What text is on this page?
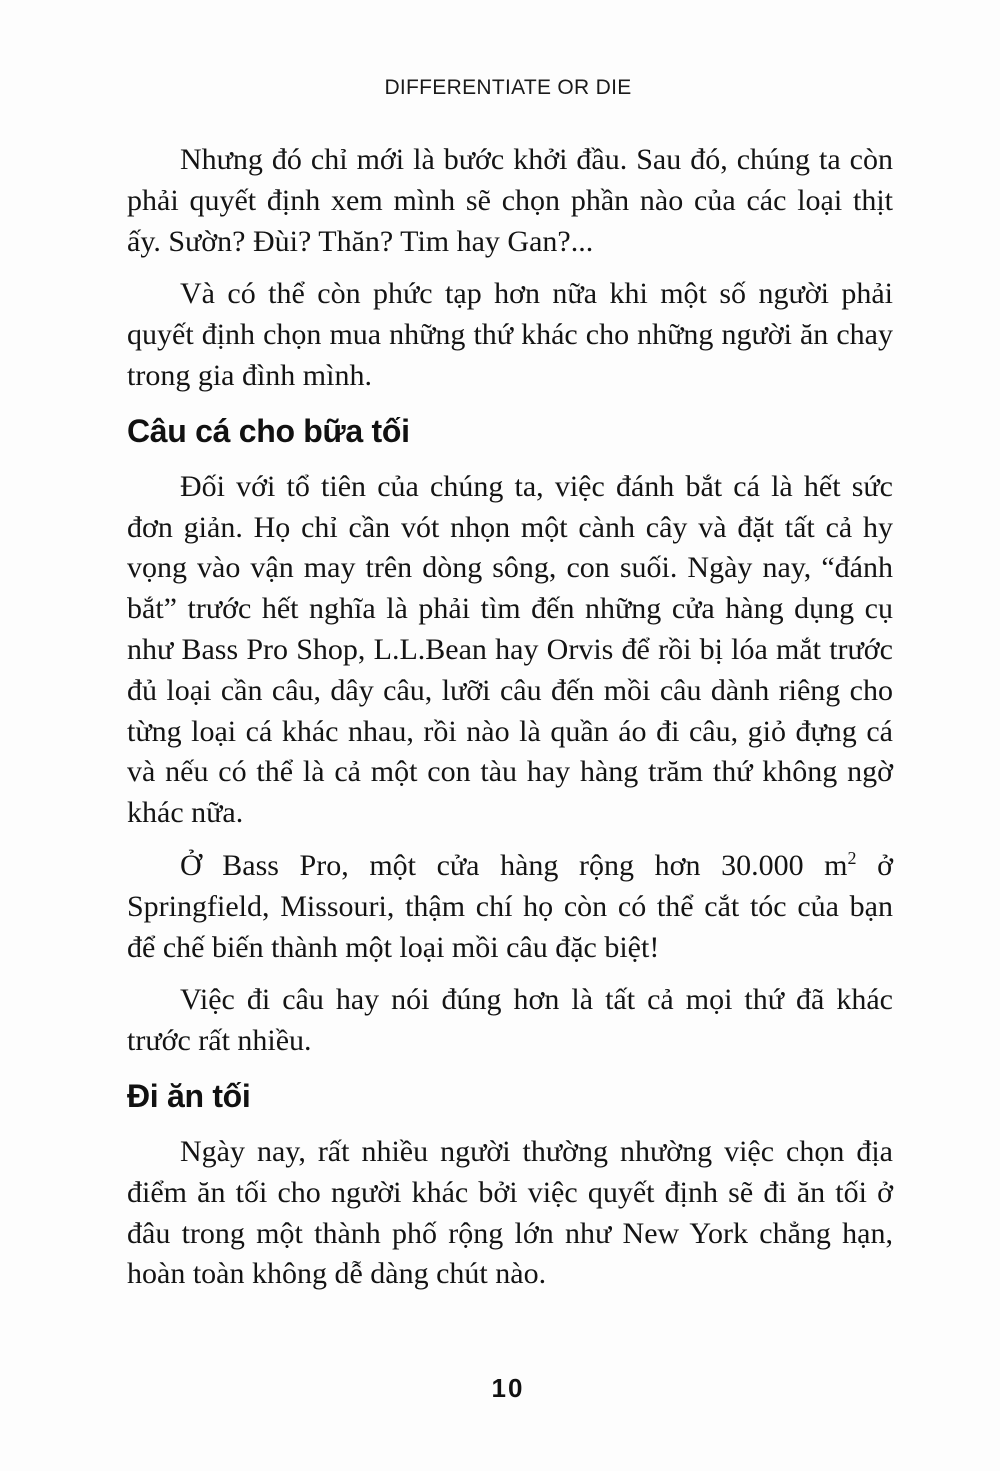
DIFFERENTIATE OR DIE

Nhưng đó chỉ mới là bước khởi đầu. Sau đó, chúng ta còn phải quyết định xem mình sẽ chọn phần nào của các loại thịt ấy. Sườn? Đùi? Thăn? Tim hay Gan?...

Và có thể còn phức tạp hơn nữa khi một số người phải quyết định chọn mua những thứ khác cho những người ăn chay trong gia đình mình.

Câu cá cho bữa tối

Đối với tổ tiên của chúng ta, việc đánh bắt cá là hết sức đơn giản. Họ chỉ cần vót nhọn một cành cây và đặt tất cả hy vọng vào vận may trên dòng sông, con suối. Ngày nay, “đánh bắt” trước hết nghĩa là phải tìm đến những cửa hàng dụng cụ như Bass Pro Shop, L.L.Bean hay Orvis để rồi bị lóa mắt trước đủ loại cần câu, dây câu, lưỡi câu đến mồi câu dành riêng cho từng loại cá khác nhau, rồi nào là quần áo đi câu, giỏ đựng cá và nếu có thể là cả một con tàu hay hàng trăm thứ không ngờ khác nữa.

Ở Bass Pro, một cửa hàng rộng hơn 30.000 $m^2$ ở Springfield, Missouri, thậm chí họ còn có thể cắt tóc của bạn để chế biến thành một loại mồi câu đặc biệt!

Việc đi câu hay nói đúng hơn là tất cả mọi thứ đã khác trước rất nhiều.

Đi ăn tối

Ngày nay, rất nhiều người thường nhường việc chọn địa điểm ăn tối cho người khác bởi việc quyết định sẽ đi ăn tối ở đâu trong một thành phố rộng lớn như New York chẳng hạn, hoàn toàn không dễ dàng chút nào.

10
